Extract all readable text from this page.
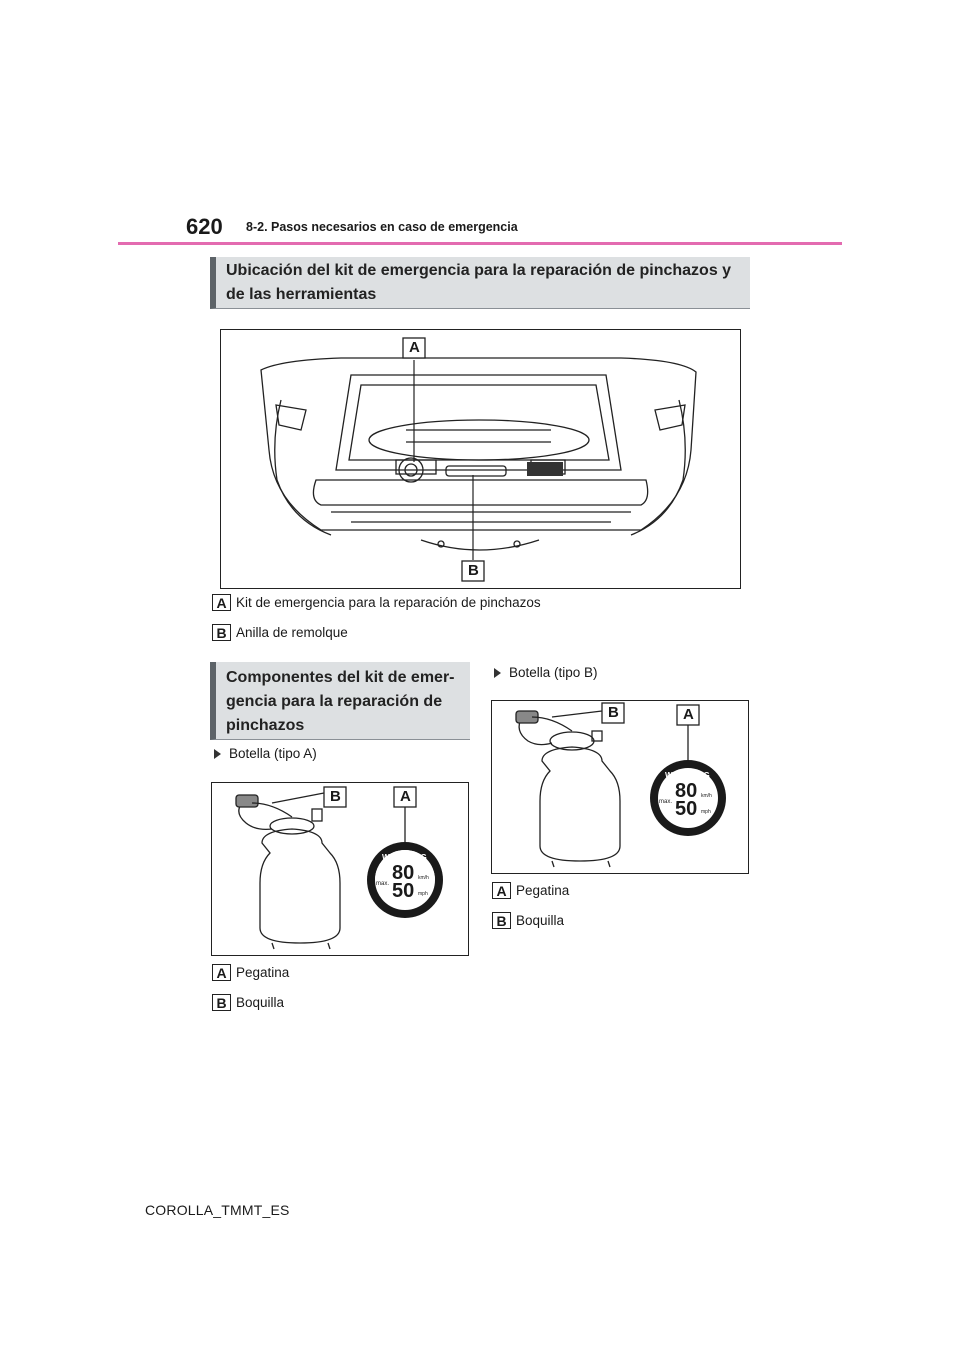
620 8-2. Pasos necesarios en caso de emergencia
Ubicación del kit de emergencia para la reparación de pinchazos y de las herramientas
A
B
A Kit de emergencia para la reparación de pinchazos
B Anilla de remolque
Componentes del kit de emer-
gencia para la reparación de
pinchazos
Botella (tipo A)
B	A
WARNING
80
50
max.
km/h
mph
A Pegatina
B Boquilla
Botella (tipo B)
B	A
WARNING
80
50
max.
km/h
mph
A Pegatina
B Boquilla
COROLLA_TMMT_ES
